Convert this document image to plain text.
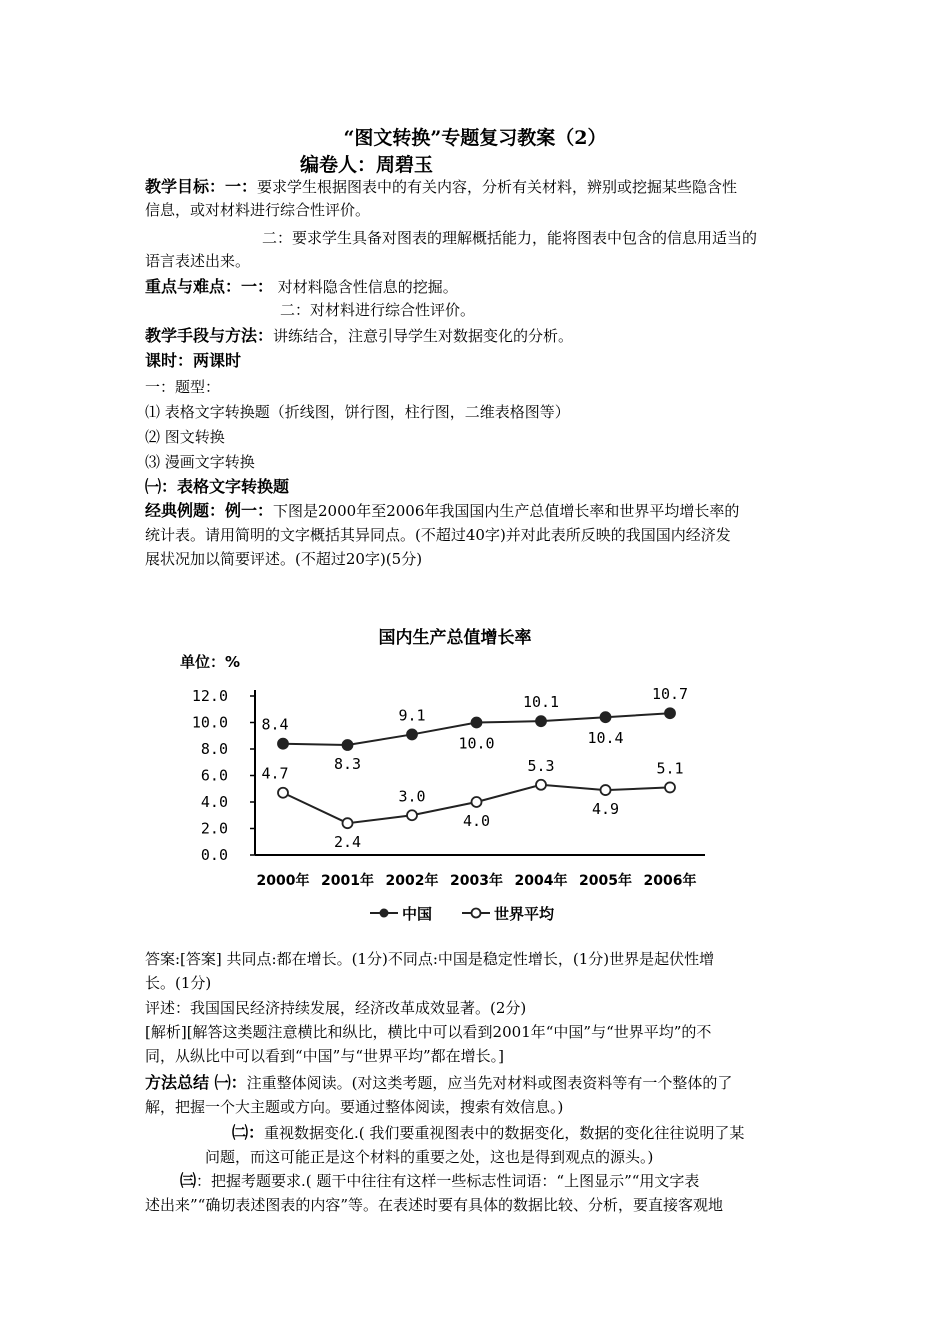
“图文转换”专题复习教案（2）
编卷人：周碧玉
教学目标：一：要求学生根据图表中的有关内容，分析有关材料，辨别或挖掘某些隐含性
信息，或对材料进行综合性评价。
二：要求学生具备对图表的理解概括能力，能将图表中包含的信息用适当的
语言表述出来。
重点与难点：一： 对材料隐含性信息的挖掘。
二：对材料进行综合性评价。
教学手段与方法：讲练结合，注意引导学生对数据变化的分析。
课时：两课时
一：题型：
⑴ 表格文字转换题（折线图，饼行图，柱行图，二维表格图等）
⑵ 图文转换
⑶ 漫画文字转换
㈠：表格文字转换题
经典例题：例一：下图是2000年至2006年我国国内生产总值增长率和世界平均增长率的
统计表。请用简明的文字概括其异同点。(不超过40字)并对此表所反映的我国国内经济发
展状况加以简要评述。(不超过20字)(5分)
国内生产总值增长率
单位：%
12.0
10.0
8.0
6.0
4.0
2.0
0.0
2000年 2001年 2002年 2003年 2004年 2005年 2006年
8.4
8.3
9.1
10.0
10.1
10.4
10.7
4.7
2.4
3.0
4.0
5.3
4.9
5.1
中国	世界平均
答案:[答案] 共同点:都在增长。(1分)不同点:中国是稳定性增长，(1分)世界是起伏性增
长。(1分)
评述：我国国民经济持续发展，经济改革成效显著。(2分)
[解析][解答这类题注意横比和纵比，横比中可以看到2001年“中国”与“世界平均”的不
同，从纵比中可以看到“中国”与“世界平均”都在增长。]
方法总结 ㈠：注重整体阅读。(对这类考题，应当先对材料或图表资料等有一个整体的了
解，把握一个大主题或方向。要通过整体阅读，搜索有效信息。)
㈡：重视数据变化.( 我们要重视图表中的数据变化，数据的变化往往说明了某
问题，而这可能正是这个材料的重要之处，这也是得到观点的源头。)
㈢：把握考题要求.( 题干中往往有这样一些标志性词语：“上图显示”“用文字表
述出来”“确切表述图表的内容”等。在表述时要有具体的数据比较、分析，要直接客观地
